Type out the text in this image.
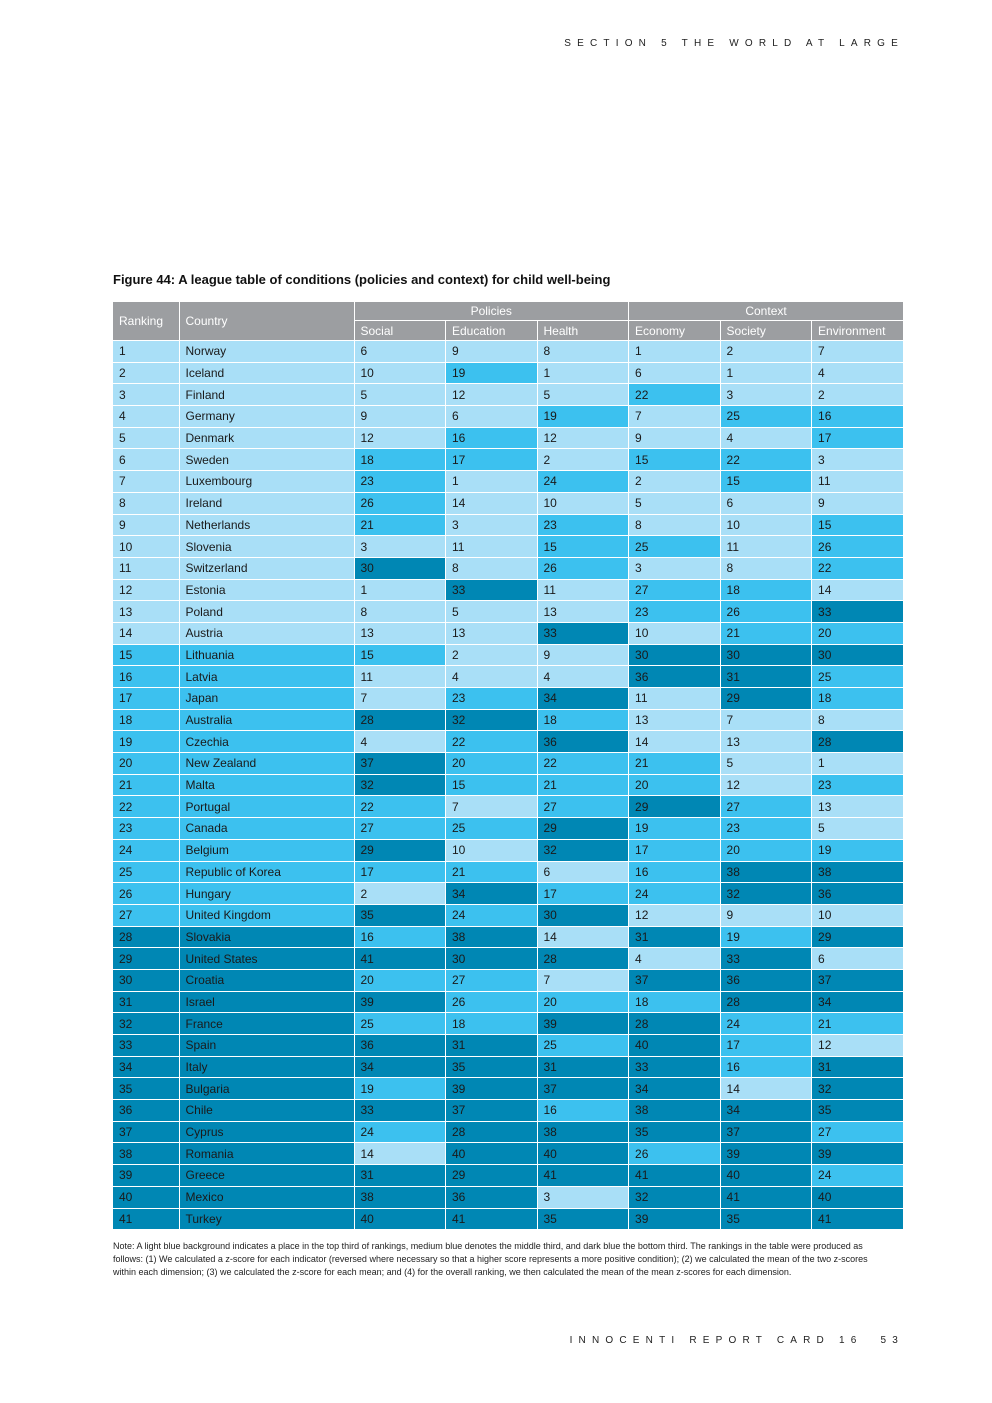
SECTION 5 THE WORLD AT LARGE
Figure 44: A league table of conditions (policies and context) for child well-being
Ranking	Country	Policies			Context		
		Social	Education	Health	Economy	Society	Environment
1	Norway	6	9	8	1	2	7
2	Iceland	10	19	1	6	1	4
3	Finland	5	12	5	22	3	2
4	Germany	9	6	19	7	25	16
5	Denmark	12	16	12	9	4	17
6	Sweden	18	17	2	15	22	3
7	Luxembourg	23	1	24	2	15	11
8	Ireland	26	14	10	5	6	9
9	Netherlands	21	3	23	8	10	15
10	Slovenia	3	11	15	25	11	26
11	Switzerland	30	8	26	3	8	22
12	Estonia	1	33	11	27	18	14
13	Poland	8	5	13	23	26	33
14	Austria	13	13	33	10	21	20
15	Lithuania	15	2	9	30	30	30
16	Latvia	11	4	4	36	31	25
17	Japan	7	23	34	11	29	18
18	Australia	28	32	18	13	7	8
19	Czechia	4	22	36	14	13	28
20	New Zealand	37	20	22	21	5	1
21	Malta	32	15	21	20	12	23
22	Portugal	22	7	27	29	27	13
23	Canada	27	25	29	19	23	5
24	Belgium	29	10	32	17	20	19
25	Republic of Korea	17	21	6	16	38	38
26	Hungary	2	34	17	24	32	36
27	United Kingdom	35	24	30	12	9	10
28	Slovakia	16	38	14	31	19	29
29	United States	41	30	28	4	33	6
30	Croatia	20	27	7	37	36	37
31	Israel	39	26	20	18	28	34
32	France	25	18	39	28	24	21
33	Spain	36	31	25	40	17	12
34	Italy	34	35	31	33	16	31
35	Bulgaria	19	39	37	34	14	32
36	Chile	33	37	16	38	34	35
37	Cyprus	24	28	38	35	37	27
38	Romania	14	40	40	26	39	39
39	Greece	31	29	41	41	40	24
40	Mexico	38	36	3	32	41	40
41	Turkey	40	41	35	39	35	41
Note: A light blue background indicates a place in the top third of rankings, medium blue denotes the middle third, and dark blue the bottom third. The rankings in the table were produced as follows: (1) We calculated a z-score for each indicator (reversed where necessary so that a higher score represents a more positive condition); (2) we calculated the mean of the two z-scores within each dimension; (3) we calculated the z-score for each mean; and (4) for the overall ranking, we then calculated the mean of the mean z-scores for each dimension.
INNOCENTI REPORT CARD 16 53
